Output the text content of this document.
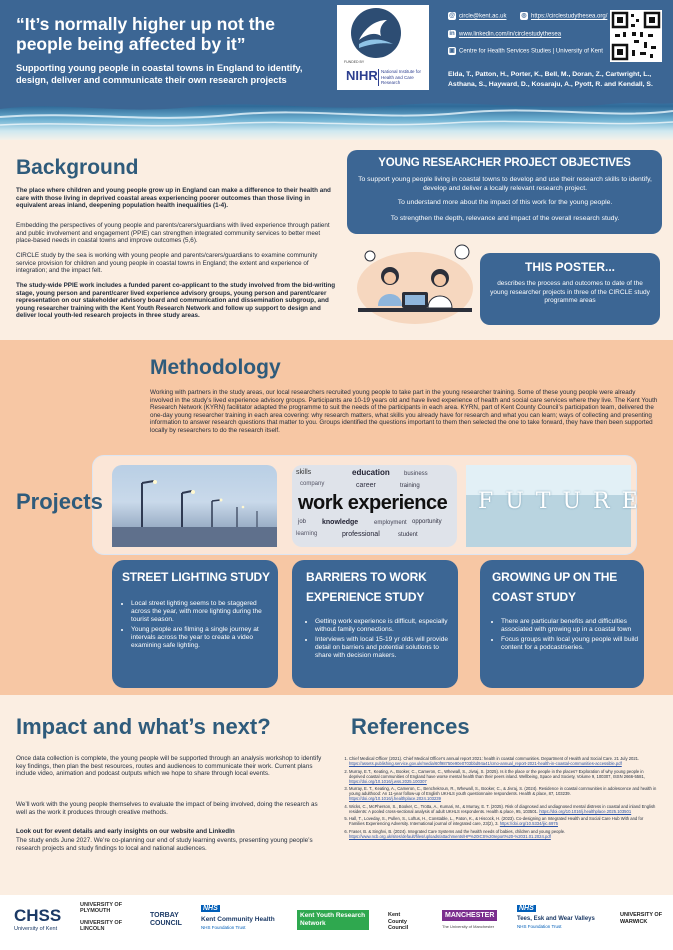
“It’s normally higher up not the people being affected by it”
Supporting young people in coastal towns in England to identify, design, deliver and communicate their own research projects
FUNDED BY
NIHR National Institute for Health and Care Research
@ circle@kent.ac.uk ◎ https://circlestudythesea.org/
in www.linkedin.com/in/circlestudythesea
▣ Centre for Health Services Studies | University of Kent
Elda, T., Patton, H., Porter, K., Bell, M., Doran, Z., Cartwright, L., Asthana, S., Hayward, D., Kosaraju, A., Pyott, R. and Kendall, S.
Background
The place where children and young people grow up in England can make a difference to their health and care with those living in deprived coastal areas experiencing poorer outcomes than those living in equivalent areas inland, deepening population health inequalities (1-4).
Embedding the perspectives of young people and parents/carers/guardians with lived experience through patient and public involvement and engagement (PPIE) can strengthen integrated community services to better meet place-based needs in coastal towns and improve outcomes (5,6).
CIRCLE study by the sea is working with young people and parents/carers/guardians to examine community service provision for children and young people in coastal towns in England; the extent and experience of integration; and the impact felt.
The study-wide PPIE work includes a funded parent co-applicant to the study involved from the bid-writing stage, young person and parent/carer lived experience advisory groups, young person and parent/carer representation on our stakeholder advisory board and communication and dissemination subgroup, and young researcher training with the Kent Youth Research Network and follow up support to design and deliver local youth-led research projects in three study areas.
YOUNG RESEARCHER PROJECT OBJECTIVES
To support young people living in coastal towns to develop and use their research skills to identify, develop and deliver a locally relevant research project.
To understand more about the impact of this work for the young people.
To strengthen the depth, relevance and impact of the overall research study.
THIS POSTER...
describes the process and outcomes to date of the young researcher projects in three of the CIRCLE study programme areas
Methodology
Working with partners in the study areas, our local researchers recruited young people to take part in the young researcher training. Some of these young people were already involved in the study’s lived experience advisory groups. Participants are 10-19 years old and have lived experience of health and social care services where they live. The Kent Youth Research Network (KYRN) facilitator adapted the programme to suit the needs of the participants in each area. KYRN, part of Kent County Council’s participation team, delivered the one-day young researcher training in each area covering: why research matters, what skills you already have for research and what you can learn; ways of collecting and presenting information to answer research questions that matter to you. Groups identified the questions important to them then selected the one to take forward, they have then been supported locally by researchers to do the research itself.
Projects
skills	education business
company	career	training
work experience
job knowledge	employment
learning	professional	student
opportunity
FUTURE
STREET LIGHTING STUDY
• Local street lighting seems to be staggered across the year, with more lighting during the tourist season.
• Young people are filming a single journey at intervals across the year to create a video examining safe lighting.
BARRIERS TO WORK
EXPERIENCE STUDY
• Getting work experience is difficult, especially without family connections.
• Interviews with local 15-19 yr olds will provide detail on barriers and potential solutions to share with decision makers.
GROWING UP ON THE
COAST STUDY
• There are particular benefits and difficulties associated with growing up in a coastal town
• Focus groups with local young people will build content for a podcast/series.
Impact and what’s next?
Once data collection is complete, the young people will be supported through an analysis workshop to identify key findings, then plan the best resources, routes and audiences to communicate their work. Current plans include video, animation and podcast outputs which we hope to share through local events.
We’ll work with the young people themselves to evaluate the impact of being involved, doing the research as well as the work it produces through creative methods.
Look out for event details and early insights on our website and LinkedIn
The study ends June 2027. We’re co-planning our end of study learning events, presenting young people’s research projects and study findings to local and national audiences.
References
1. Chief Medical Officer (2021). Chief Medical Officer’s annual report 2021: health in coastal communities. Department of Health and Social Care. 21 July 2021. https://assets.publishing.service.gov.uk/media/60f98750e90e0703bbd94a41/cmo-annual_report-2021-health-in-coastal-communities-accessible.pdf
2. Murray, E.T., Keating, A., Booker, C., Cameron, C., Whewall, S., Jivraj, S. (2025). Is it the place or the people in the places? Exploration of why young people in deprived coastal communities of England have worse mental health than their peers inland. Wellbeing, Space and Society, Volume 9, 100307, ISSN 2666-5581, https://doi.org/10.1016/j.wss.2025.100307
3. Murray, E. T., Keating, A., Cameron, C., Benchekroun, R., Whewall, S., Booker, C., & Jivraj, S. (2024). Residence in coastal communities in adolescence and health in young adulthood: An 11-year follow-up of English UKHLS youth questionnaire respondents. Health & place, 87, 103239. https://doi.org/10.1016/j.healthplace.2024.103239
4. Wicks, C., McPherson, S., Booker, C., Trotta, A., Kumari, M., & Murray, E. T. (2025). Risk of diagnosed and undiagnosed mental distress in coastal and inland English residents: A pooled cross-sectional analysis of adult UKHLS respondents. Health & place, 95, 103501. https://doi.org/10.1016/j.healthplace.2025.103501
5. Hall, T., Loveday, S., Pullen, S., Loftus, H., Constable, L., Paton, K., & Hiscock, H. (2023). Co-designing an Integrated Health and Social Care Hub With and for Families Experiencing Adversity. International journal of integrated care, 23(2), 3. https://doi.org/10.5334/ijic.6975
6. Fraser, B. & Singhvi, B. (2024). Integrated Care Systems and the health needs of babies, children and young people. https://www.ncb.org.uk/sites/default/files/uploads/attachments/HP%20ICS%20report%20-%2031.01.2024.pdf
CHSS
University of Kent
UNIVERSITY OF PLYMOUTH
UNIVERSITY OF LINCOLN
TORBAY COUNCIL
NHS
Kent Community Health
NHS Foundation Trust
Kent Youth Research Network
Kent County Council
MANCHESTER
The University of Manchester
NHS
Tees, Esk and Wear Valleys
NHS Foundation Trust
UNIVERSITY OF WARWICK
